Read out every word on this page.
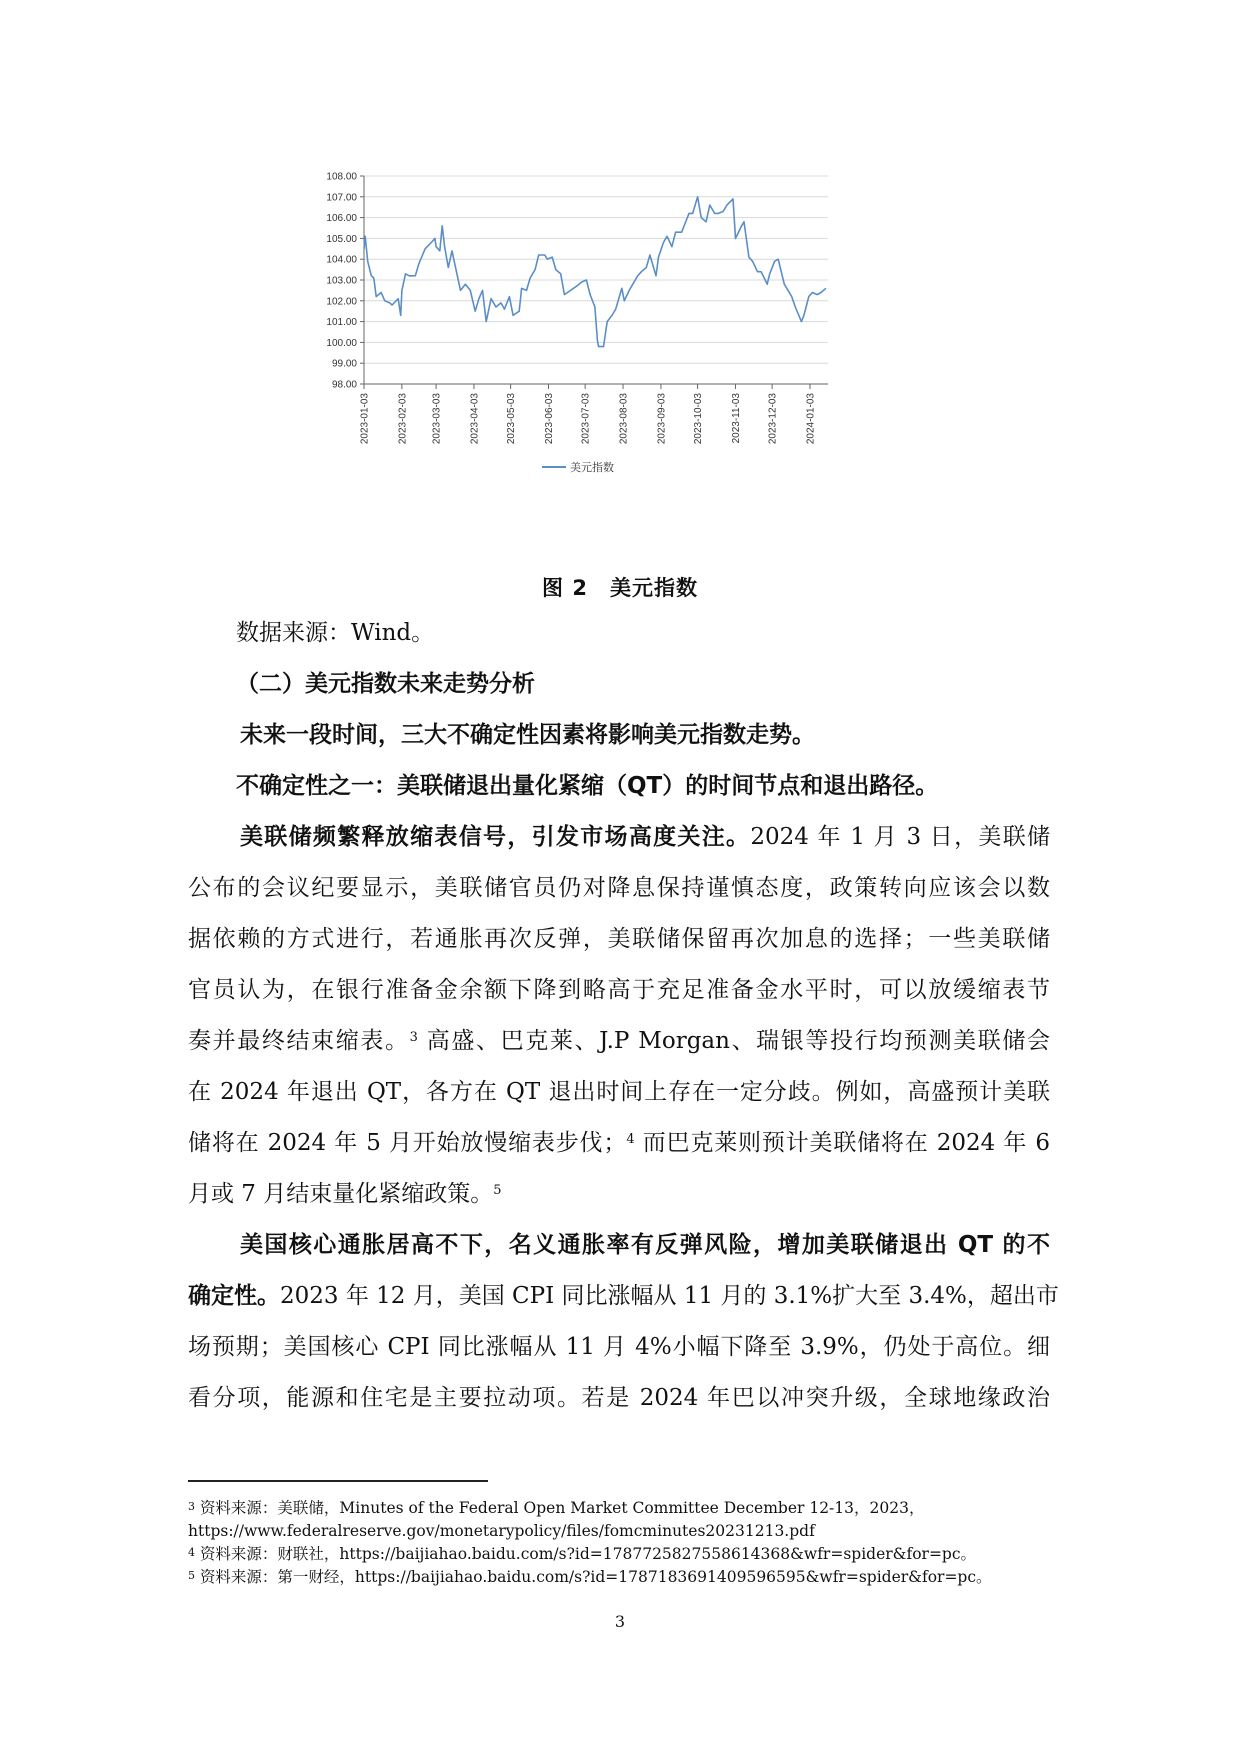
98.00
99.00
100.00
101.00
102.00
103.00
104.00
105.00
106.00
107.00
108.00
2023-01-03	2023-02-03 2023-03-03	2023-04-03	2023-05-03	2023-06-03	2023-07-03	2023-08-03	2023-09-03	2023-10-03	2023-11-03	2023-12-03	2024-01-03
美元指数
图 2 美元指数
数据来源：Wind。
（二）美元指数未来走势分析
未来一段时间，三大不确定性因素将影响美元指数走势。
不确定性之一：美联储退出量化紧缩（QT）的时间节点和退出路径。
美联储频繁释放缩表信号，引发市场高度关注。2024 年 1 月 3 日，美联储
公布的会议纪要显示，美联储官员仍对降息保持谨慎态度，政策转向应该会以数
据依赖的方式进行，若通胀再次反弹，美联储保留再次加息的选择；一些美联储
官员认为，在银行准备金余额下降到略高于充足准备金水平时，可以放缓缩表节
奏并最终结束缩表。$^3$ 高盛、巴克莱、J.P Morgan、瑞银等投行均预测美联储会
在 2024 年退出 QT，各方在 QT 退出时间上存在一定分歧。例如，高盛预计美联
储将在 2024 年 5 月开始放慢缩表步伐；$^4$ 而巴克莱则预计美联储将在 2024 年 6
月或 7 月结束量化紧缩政策。$^5$
美国核心通胀居高不下，名义通胀率有反弹风险，增加美联储退出 QT 的不
确定性。2023 年 12 月，美国 CPI 同比涨幅从 11 月的 3.1%扩大至 3.4%，超出市
场预期；美国核心 CPI 同比涨幅从 11 月 4%小幅下降至 3.9%，仍处于高位。细
看分项，能源和住宅是主要拉动项。若是 2024 年巴以冲突升级，全球地缘政治
$^3$ 资料来源：美联储，Minutes of the Federal Open Market Committee December 12-13，2023，
https://www.federalreserve.gov/monetarypolicy/files/fomcminutes20231213.pdf
$^4$ 资料来源：财联社，https://baijiahao.baidu.com/s?id=1787725827558614368&wfr=spider&for=pc。
$^5$ 资料来源：第一财经，https://baijiahao.baidu.com/s?id=1787183691409596595&wfr=spider&for=pc。
3
